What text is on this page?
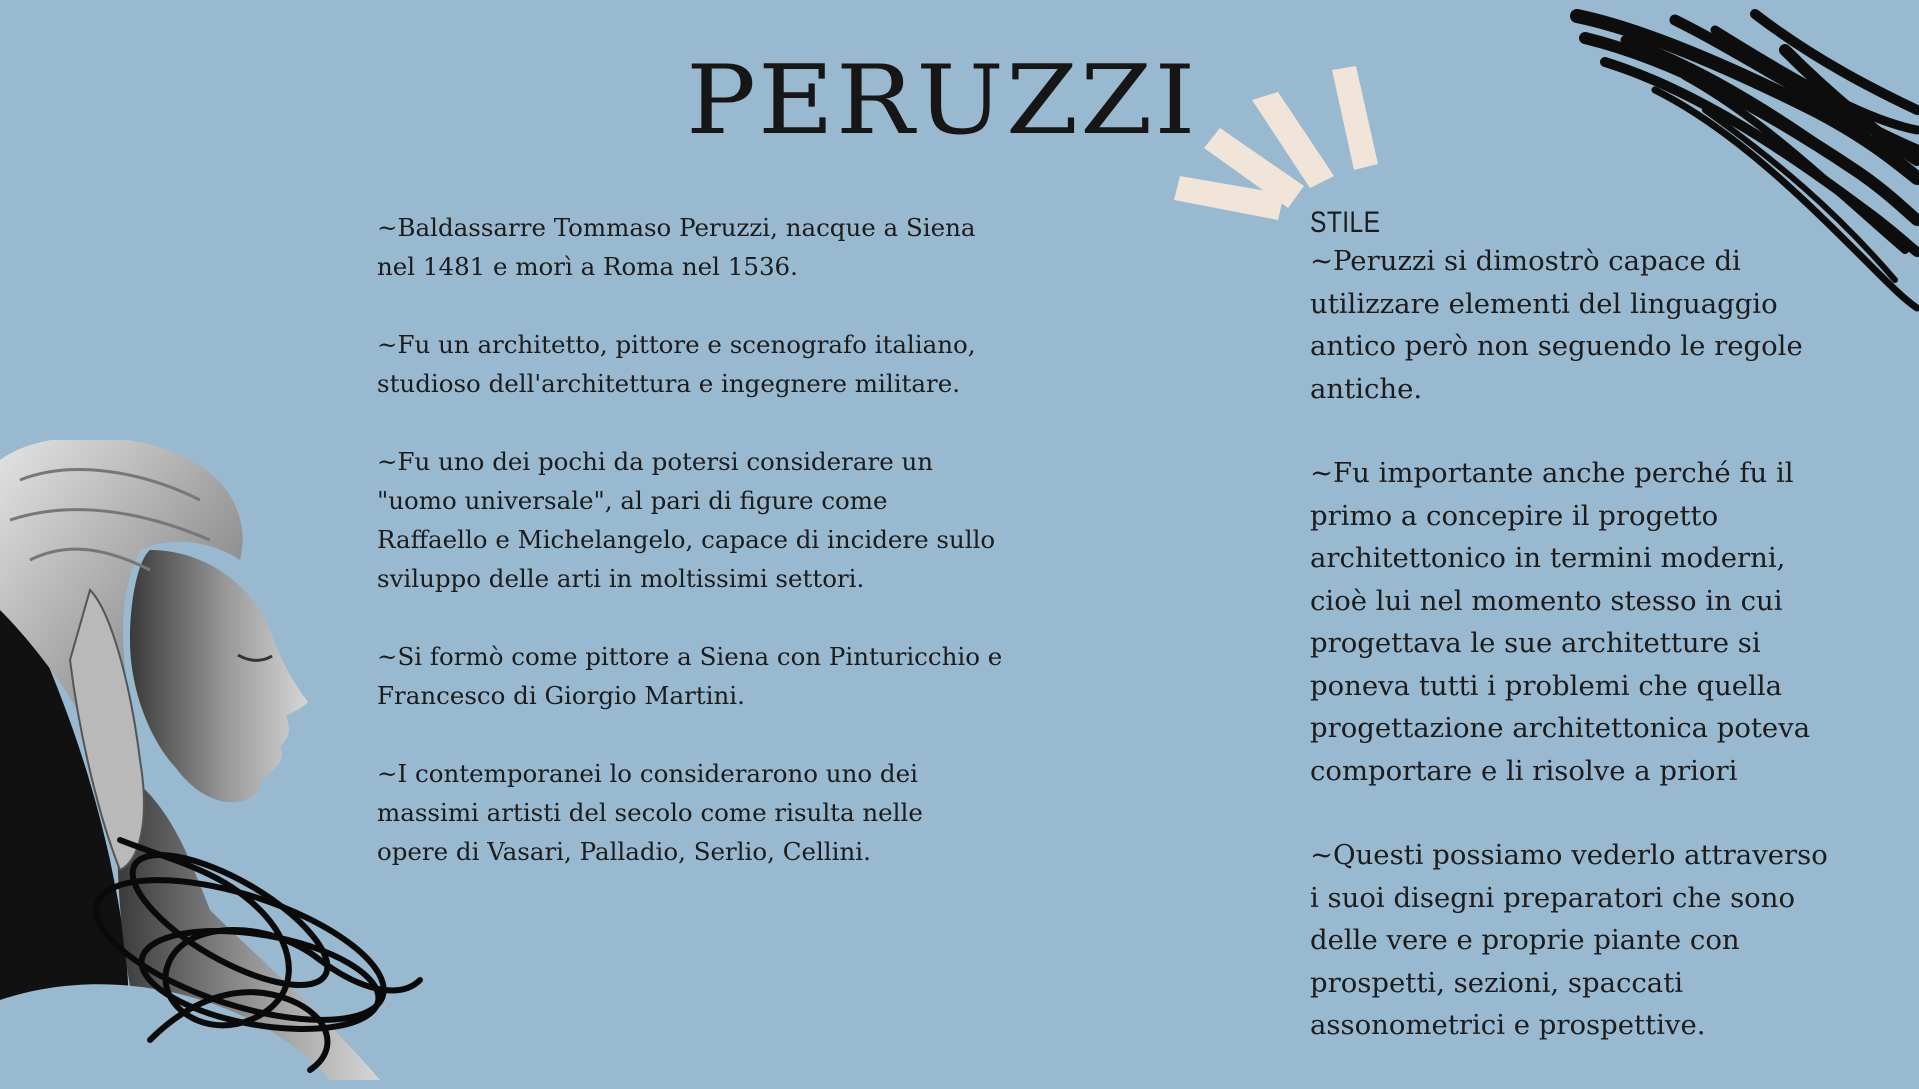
PERUZZI

~Baldassarre Tommaso Peruzzi, nacque a Siena
nel 1481 e morì a Roma nel 1536.

~Fu un architetto, pittore e scenografo italiano,
studioso dell'architettura e ingegnere militare.

~Fu uno dei pochi da potersi considerare un
"uomo universale", al pari di figure come
Raffaello e Michelangelo, capace di incidere sullo
sviluppo delle arti in moltissimi settori.

~Si formò come pittore a Siena con Pinturicchio e
Francesco di Giorgio Martini.

~I contemporanei lo considerarono uno dei
massimi artisti del secolo come risulta nelle
opere di Vasari, Palladio, Serlio, Cellini.

STILE

~Peruzzi si dimostrò capace di
utilizzare elementi del linguaggio
antico però non seguendo le regole
antiche.

~Fu importante anche perché fu il
primo a concepire il progetto
architettonico in termini moderni,
cioè lui nel momento stesso in cui
progettava le sue architetture si
poneva tutti i problemi che quella
progettazione architettonica poteva
comportare e li risolve a priori

~Questi possiamo vederlo attraverso
i suoi disegni preparatori che sono
delle vere e proprie piante con
prospetti, sezioni, spaccati
assonometrici e prospettive.
